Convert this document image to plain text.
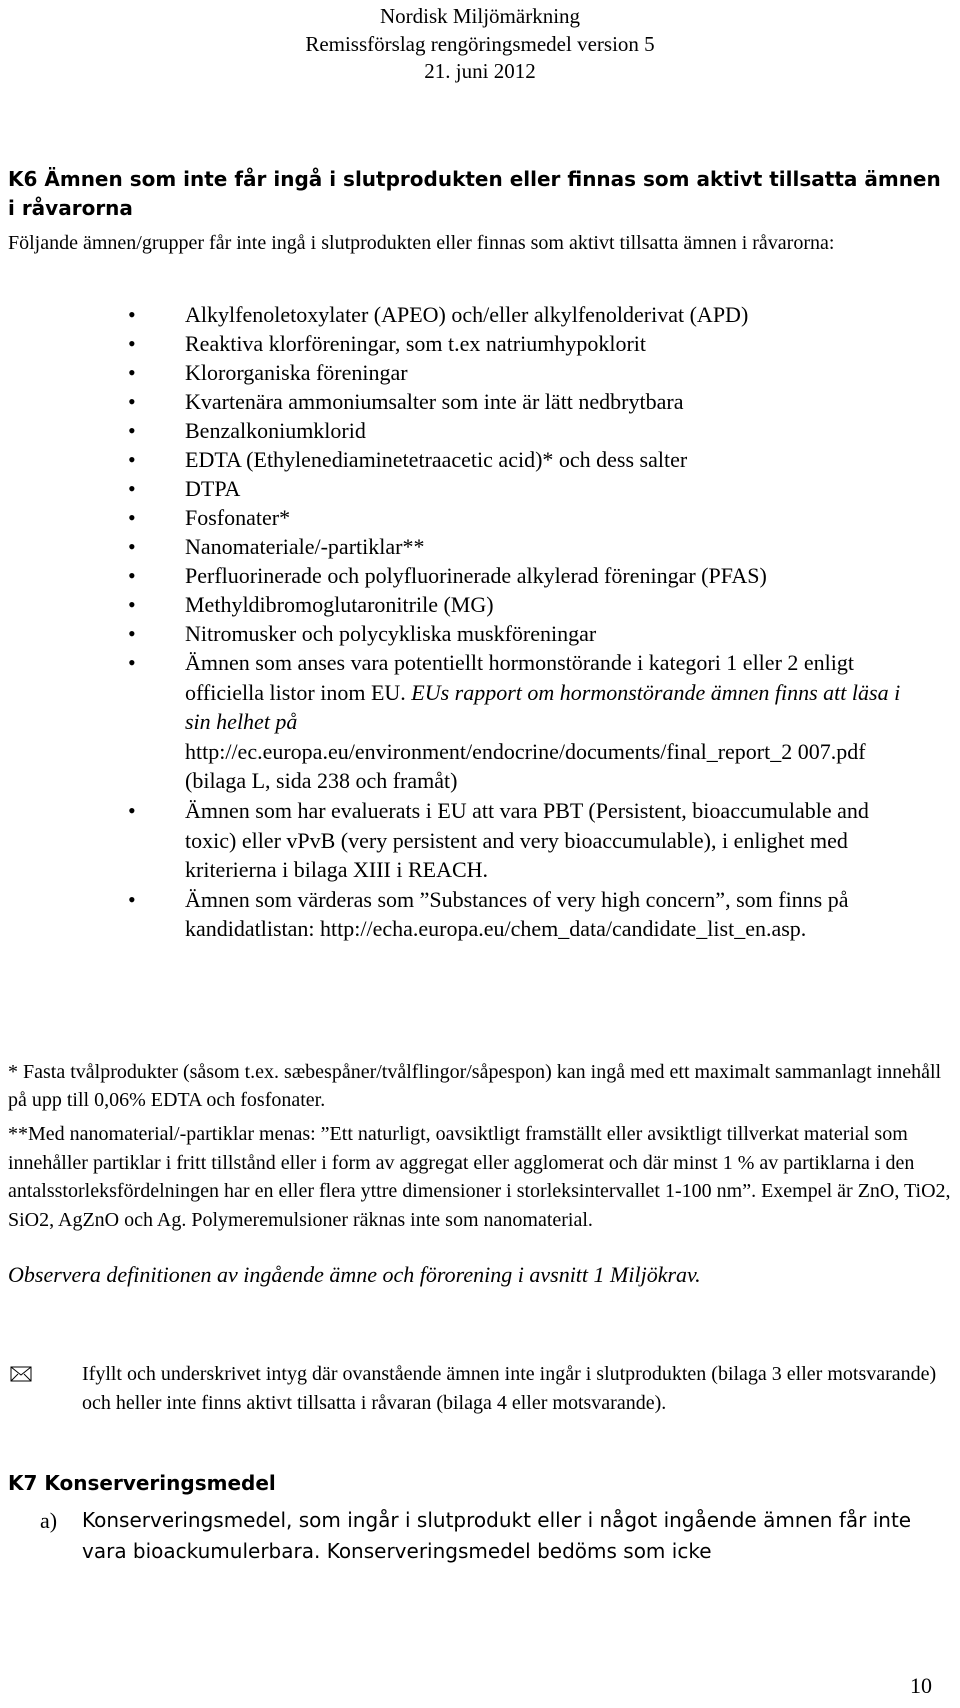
Nordisk Miljömärkning
Remissförslag rengöringsmedel version 5
21. juni 2012
K6 Ämnen som inte får ingå i slutprodukten eller finnas som aktivt tillsatta ämnen i råvarorna
Följande ämnen/grupper får inte ingå i slutprodukten eller finnas som aktivt tillsatta ämnen i råvarorna:
• Alkylfenoletoxylater (APEO) och/eller alkylfenolderivat (APD)
• Reaktiva klorföreningar, som t.ex natriumhypoklorit
• Klororganiska föreningar
• Kvartenära ammoniumsalter som inte är lätt nedbrytbara
• Benzalkoniumklorid
• EDTA (Ethylenediaminetetraacetic acid)* och dess salter
• DTPA
• Fosfonater*
• Nanomateriale/-partiklar**
• Perfluorinerade och polyfluorinerade alkylerad föreningar (PFAS)
• Methyldibromoglutaronitrile (MG)
• Nitromusker och polycykliska muskföreningar
• Ämnen som anses vara potentiellt hormonstörande i kategori 1 eller 2 enligt officiella listor inom EU. EUs rapport om hormonstörande ämnen finns att läsa i sin helhet på http://ec.europa.eu/environment/endocrine/documents/final_report_2 007.pdf (bilaga L, sida 238 och framåt)
• Ämnen som har evaluerats i EU att vara PBT (Persistent, bioaccumulable and toxic) eller vPvB (very persistent and very bioaccumulable), i enlighet med kriterierna i bilaga XIII i REACH.
• Ämnen som värderas som ”Substances of very high concern”, som finns på kandidatlistan: http://echa.europa.eu/chem_data/candidate_list_en.asp.
* Fasta tvålprodukter (såsom t.ex. sæbespåner/tvålflingor/såpespon) kan ingå med ett maximalt sammanlagt innehåll på upp till 0,06% EDTA och fosfonater.
**Med nanomaterial/-partiklar menas: ”Ett naturligt, oavsiktligt framställt eller avsiktligt tillverkat material som innehåller partiklar i fritt tillstånd eller i form av aggregat eller agglomerat och där minst 1 % av partiklarna i den antalsstorleksfördelningen har en eller flera yttre dimensioner i storleksintervallet 1-100 nm”. Exempel är ZnO, TiO2, SiO2, AgZnO och Ag. Polymeremulsioner räknas inte som nanomaterial.
Observera definitionen av ingående ämne och förorening i avsnitt 1 Miljökrav.
Ifyllt och underskrivet intyg där ovanstående ämnen inte ingår i slutprodukten (bilaga 3 eller motsvarande) och heller inte finns aktivt tillsatta i råvaran (bilaga 4 eller motsvarande).
K7 Konserveringsmedel
a) Konserveringsmedel, som ingår i slutprodukt eller i något ingående ämnen får inte vara bioackumulerbara. Konserveringsmedel bedöms som icke
10
